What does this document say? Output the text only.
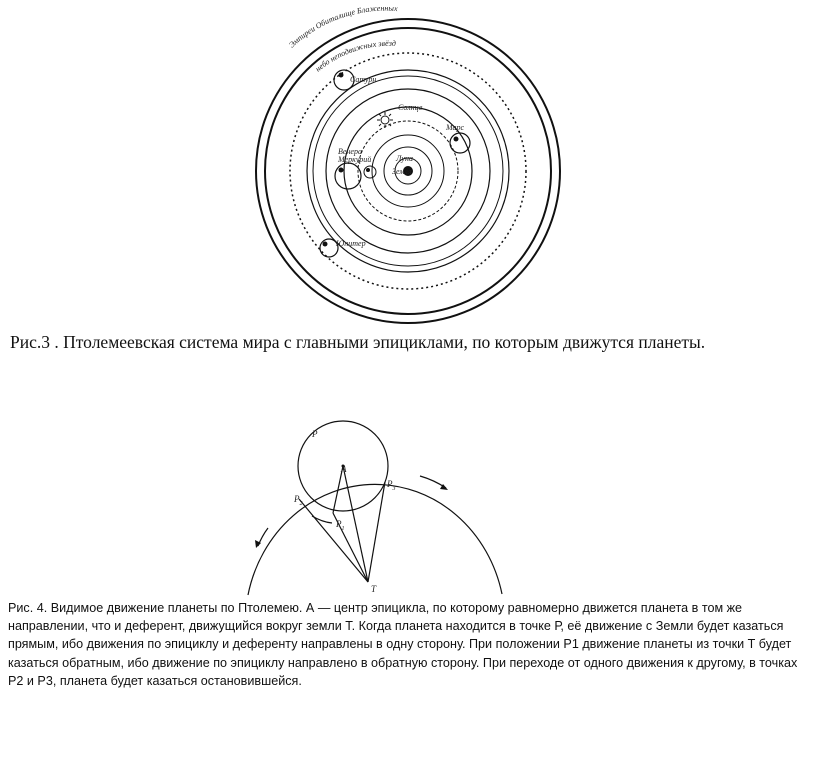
Эмпиреи Обиталище Блаженных
небо неподвижных звёзд
Сатурн
Солнце
Марс
Венера
Меркурий	Луна
Земля
Юпитер
Рис.3 . Птолемеевская система мира с главными эпициклами, по которым движутся планеты.
P
A
$P_2$
$P_3$
$P_1$
T
Рис. 4. Видимое движение планеты по Птолемею. А — центр эпицикла, по которому равномерно движется планета в том же направлении, что и деферент, движущийся вокруг земли Т. Когда планета находится в точке Р, её движение с Земли будет казаться прямым, ибо движения по эпициклу и деференту направлены в одну сторону. При положении Р1 движение планеты из точки Т будет казаться обратным, ибо движение по эпициклу направлено в обратную сторону. При переходе от одного движения к другому, в точках Р2 и Р3, планета будет казаться остановившейся.
